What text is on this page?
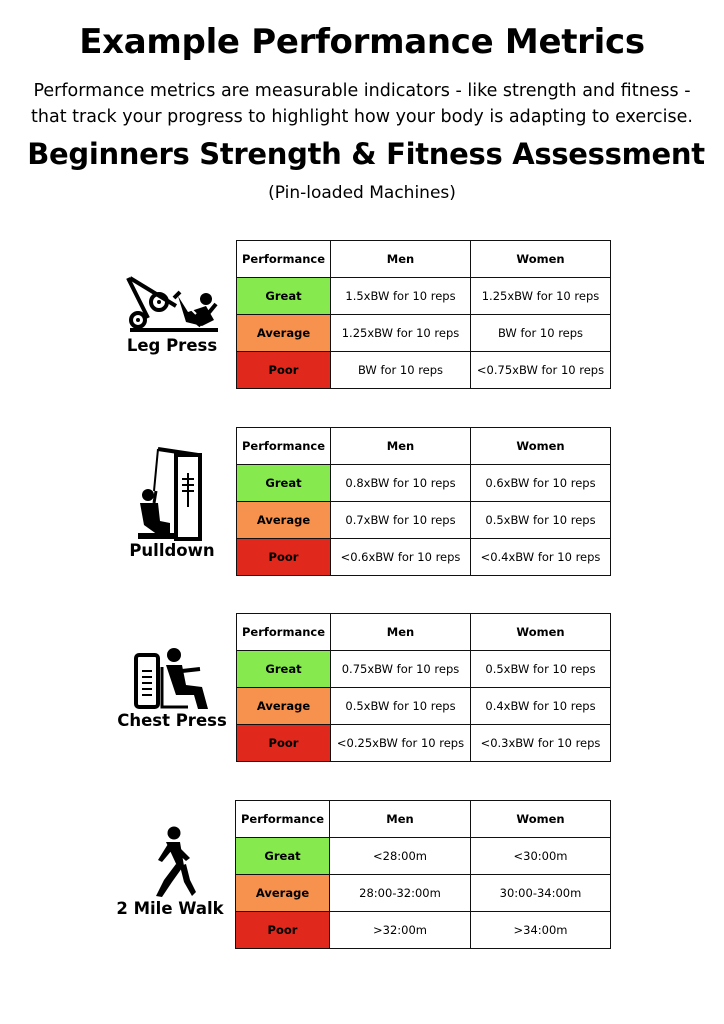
Example Performance Metrics
Performance metrics are measurable indicators - like strength and fitness - that track your progress to highlight how your body is adapting to exercise.
Beginners Strength & Fitness Assessment
(Pin-loaded Machines)
Leg Press
Performance	Men	Women
Great	1.5xBW for 10 reps	1.25xBW for 10 reps
Average	1.25xBW for 10 reps	BW for 10 reps
Poor	BW for 10 reps	<0.75xBW for 10 reps
Pulldown
Performance	Men	Women
Great	0.8xBW for 10 reps	0.6xBW for 10 reps
Average	0.7xBW for 10 reps	0.5xBW for 10 reps
Poor	<0.6xBW for 10 reps	<0.4xBW for 10 reps
Chest Press
Performance	Men	Women
Great	0.75xBW for 10 reps	0.5xBW for 10 reps
Average	0.5xBW for 10 reps	0.4xBW for 10 reps
Poor	<0.25xBW for 10 reps	<0.3xBW for 10 reps
2 Mile Walk
Performance	Men	Women
Great	<28:00m	<30:00m
Average	28:00-32:00m	30:00-34:00m
Poor	>32:00m	>34:00m
